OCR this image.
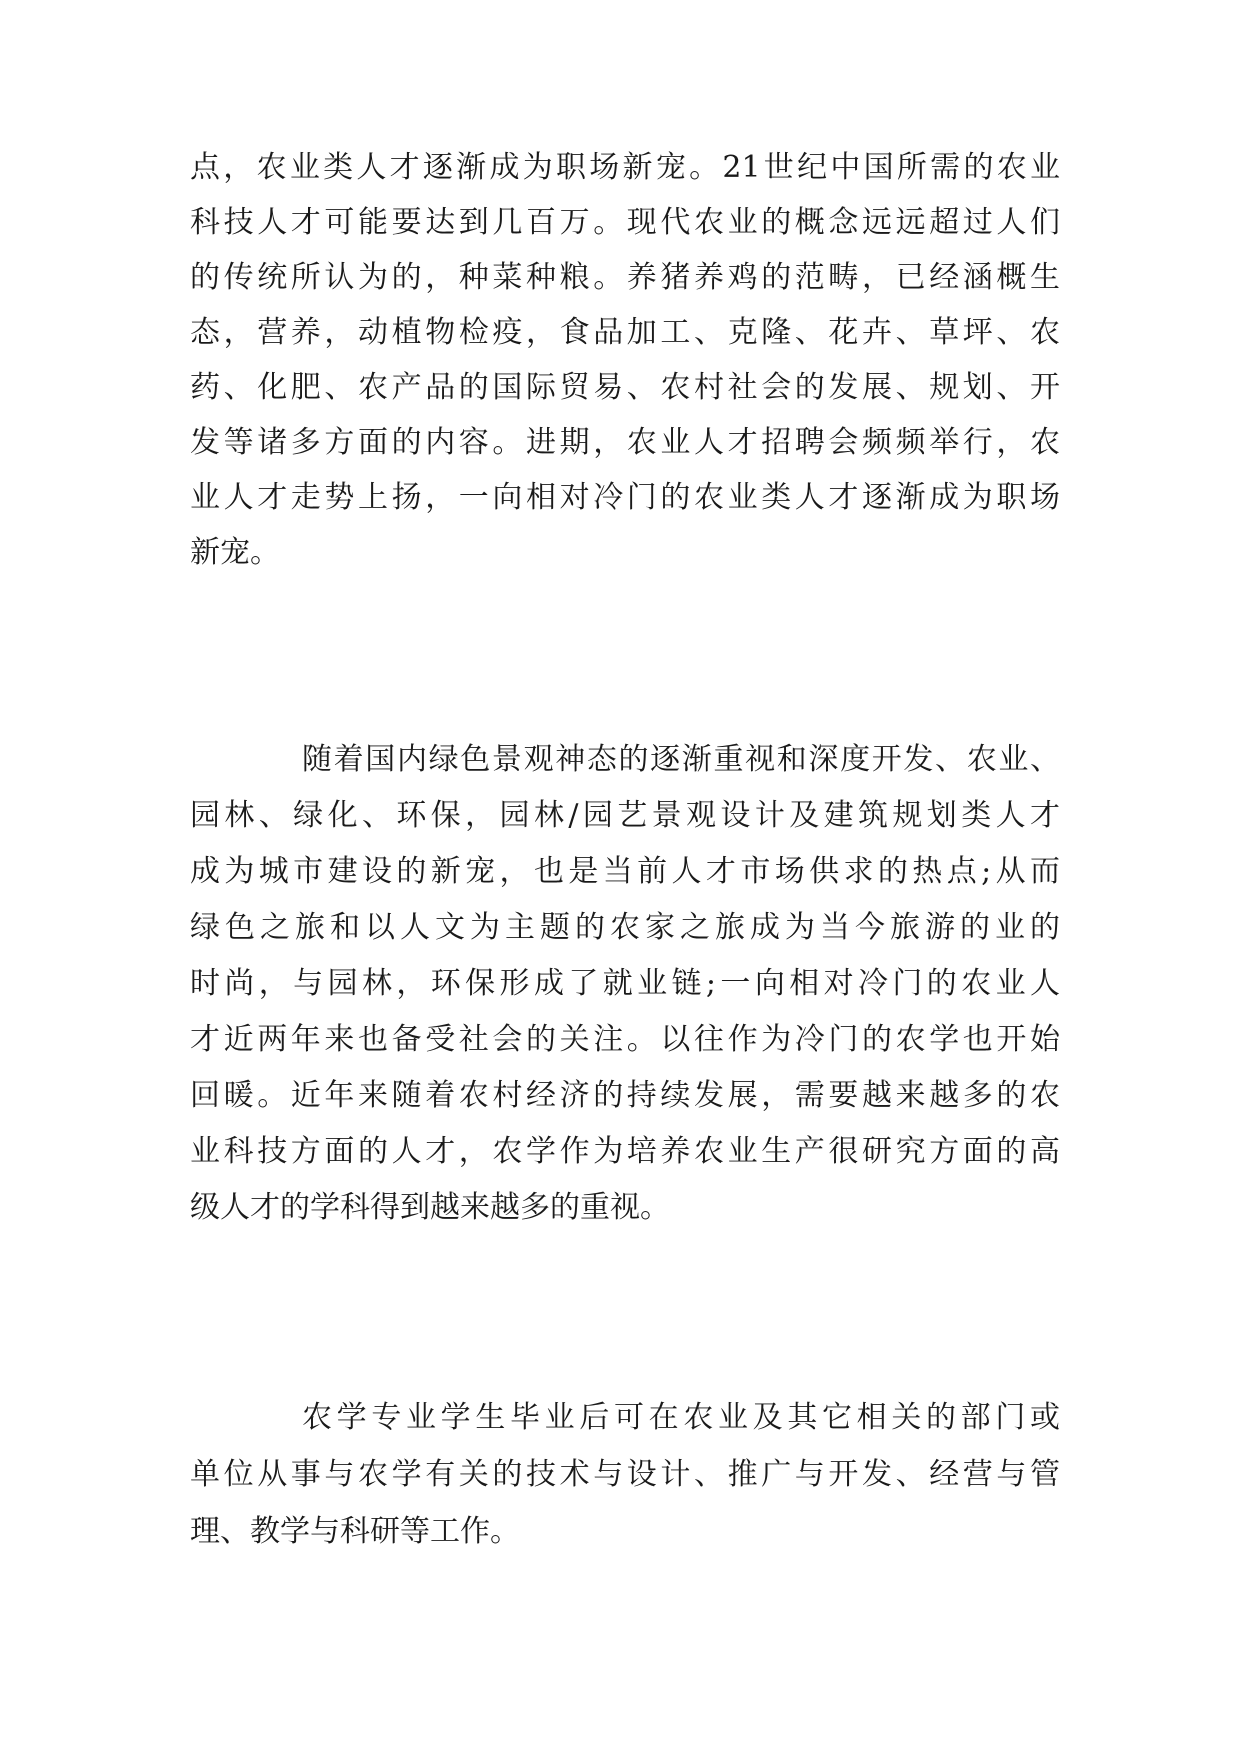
点，农业类人才逐渐成为职场新宠。21世纪中国所需的农业
科技人才可能要达到几百万。现代农业的概念远远超过人们
的传统所认为的，种菜种粮。养猪养鸡的范畴，已经涵概生
态，营养，动植物检疫，食品加工、克隆、花卉、草坪、农
药、化肥、农产品的国际贸易、农村社会的发展、规划、开
发等诸多方面的内容。进期，农业人才招聘会频频举行，农
业人才走势上扬，一向相对冷门的农业类人才逐渐成为职场
新宠。
随着国内绿色景观神态的逐渐重视和深度开发、农业、
园林、绿化、环保，园林/园艺景观设计及建筑规划类人才
成为城市建设的新宠，也是当前人才市场供求的热点;从而
绿色之旅和以人文为主题的农家之旅成为当今旅游的业的
时尚，与园林，环保形成了就业链;一向相对冷门的农业人
才近两年来也备受社会的关注。以往作为冷门的农学也开始
回暖。近年来随着农村经济的持续发展，需要越来越多的农
业科技方面的人才，农学作为培养农业生产很研究方面的高
级人才的学科得到越来越多的重视。
农学专业学生毕业后可在农业及其它相关的部门或
单位从事与农学有关的技术与设计、推广与开发、经营与管
理、教学与科研等工作。
